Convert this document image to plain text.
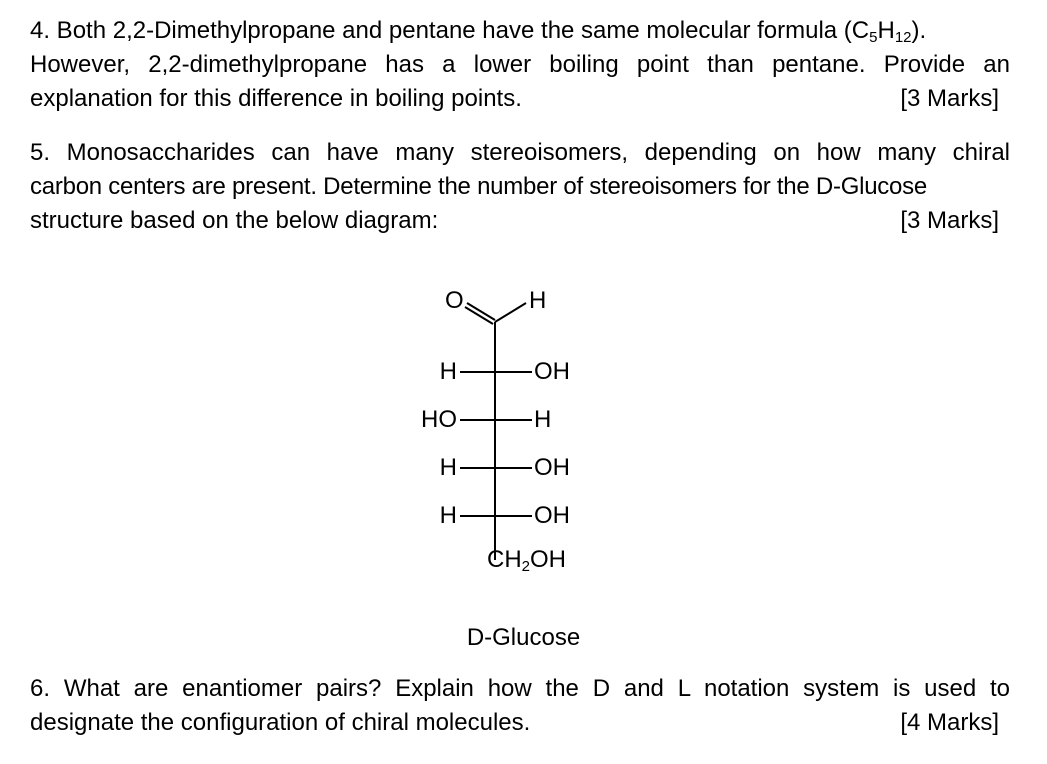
4. Both 2,2-Dimethylpropane and pentane have the same molecular formula $(C_5H_{12})$.
However, 2,2-dimethylpropane has a lower boiling point than pentane. Provide an
explanation for this difference in boiling points.	[3 Marks]
5. Monosaccharides can have many stereoisomers, depending on how many chiral
carbon centers are present. Determine the number of stereoisomers for the D-Glucose
structure based on the below diagram:	[3 Marks]
O	H
H	OH
HO	H
H	OH
H	OH
$CH_2OH$
D-Glucose
6. What are enantiomer pairs? Explain how the D and L notation system is used to
designate the configuration of chiral molecules.	[4 Marks]
